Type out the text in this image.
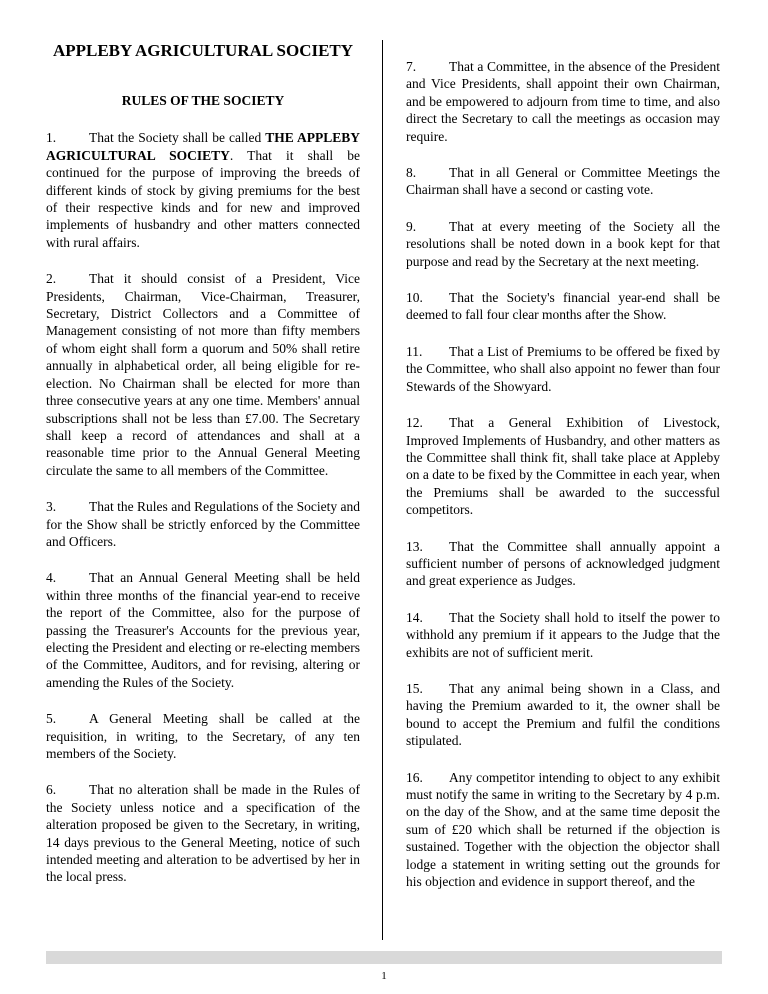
APPLEBY AGRICULTURAL SOCIETY
RULES OF THE SOCIETY

1. That the Society shall be called THE APPLEBY AGRICULTURAL SOCIETY. That it shall be continued for the purpose of improving the breeds of different kinds of stock by giving premiums for the best of their respective kinds and for new and improved implements of husbandry and other matters connected with rural affairs.

2. That it should consist of a President, Vice Presidents, Chairman, Vice-Chairman, Treasurer, Secretary, District Collectors and a Committee of Management consisting of not more than fifty members of whom eight shall form a quorum and 50% shall retire annually in alphabetical order, all being eligible for re-election. No Chairman shall be elected for more than three consecutive years at any one time. Members' annual subscriptions shall not be less than £7.00. The Secretary shall keep a record of attendances and shall at a reasonable time prior to the Annual General Meeting circulate the same to all members of the Committee.

3. That the Rules and Regulations of the Society and for the Show shall be strictly enforced by the Committee and Officers.

4. That an Annual General Meeting shall be held within three months of the financial year-end to receive the report of the Committee, also for the purpose of passing the Treasurer's Accounts for the previous year, electing the President and electing or re-electing members of the Committee, Auditors, and for revising, altering or amending the Rules of the Society.

5. A General Meeting shall be called at the requisition, in writing, to the Secretary, of any ten members of the Society.

6. That no alteration shall be made in the Rules of the Society unless notice and a specification of the alteration proposed be given to the Secretary, in writing, 14 days previous to the General Meeting, notice of such intended meeting and alteration to be advertised by her in the local press.

7. That a Committee, in the absence of the President and Vice Presidents, shall appoint their own Chairman, and be empowered to adjourn from time to time, and also direct the Secretary to call the meetings as occasion may require.

8. That in all General or Committee Meetings the Chairman shall have a second or casting vote.

9. That at every meeting of the Society all the resolutions shall be noted down in a book kept for that purpose and read by the Secretary at the next meeting.

10. That the Society's financial year-end shall be deemed to fall four clear months after the Show.

11. That a List of Premiums to be offered be fixed by the Committee, who shall also appoint no fewer than four Stewards of the Showyard.

12. That a General Exhibition of Livestock, Improved Implements of Husbandry, and other matters as the Committee shall think fit, shall take place at Appleby on a date to be fixed by the Committee in each year, when the Premiums shall be awarded to the successful competitors.

13. That the Committee shall annually appoint a sufficient number of persons of acknowledged judgment and great experience as Judges.

14. That the Society shall hold to itself the power to withhold any premium if it appears to the Judge that the exhibits are not of sufficient merit.

15. That any animal being shown in a Class, and having the Premium awarded to it, the owner shall be bound to accept the Premium and fulfil the conditions stipulated.

16. Any competitor intending to object to any exhibit must notify the same in writing to the Secretary by 4 p.m. on the day of the Show, and at the same time deposit the sum of £20 which shall be returned if the objection is sustained. Together with the objection the objector shall lodge a statement in writing setting out the grounds for his objection and evidence in support thereof, and the

1
